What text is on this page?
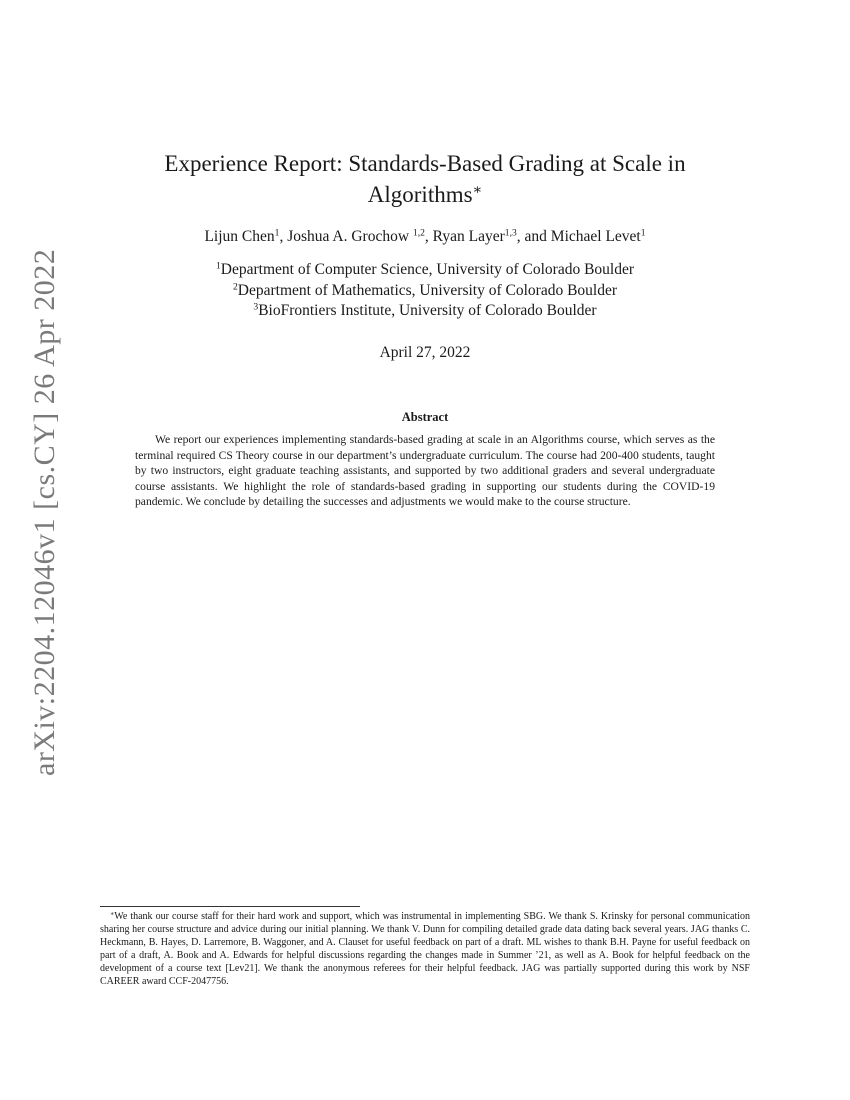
arXiv:2204.12046v1 [cs.CY] 26 Apr 2022
Experience Report: Standards-Based Grading at Scale in
Algorithms∗
Lijun Chen$^1$, Joshua A. Grochow $^{1,2}$, Ryan Layer$^{1,3}$, and Michael Levet$^1$
$^1$Department of Computer Science, University of Colorado Boulder
$^2$Department of Mathematics, University of Colorado Boulder
$^3$BioFrontiers Institute, University of Colorado Boulder
April 27, 2022
Abstract
We report our experiences implementing standards-based grading at scale in an Algorithms course, which serves as the terminal required CS Theory course in our department’s undergraduate curriculum. The course had 200-400 students, taught by two instructors, eight graduate teaching assistants, and supported by two additional graders and several undergraduate course assistants. We highlight the role of standards-based grading in supporting our students during the COVID-19 pandemic. We conclude by detailing the successes and adjustments we would make to the course structure.
∗We thank our course staff for their hard work and support, which was instrumental in implementing SBG. We thank S. Krinsky for personal communication sharing her course structure and advice during our initial planning. We thank V. Dunn for compiling detailed grade data dating back several years. JAG thanks C. Heckmann, B. Hayes, D. Larremore, B. Waggoner, and A. Clauset for useful feedback on part of a draft. ML wishes to thank B.H. Payne for useful feedback on part of a draft, A. Book and A. Edwards for helpful discussions regarding the changes made in Summer ’21, as well as A. Book for helpful feedback on the development of a course text [Lev21]. We thank the anonymous referees for their helpful feedback. JAG was partially supported during this work by NSF CAREER award CCF-2047756.
